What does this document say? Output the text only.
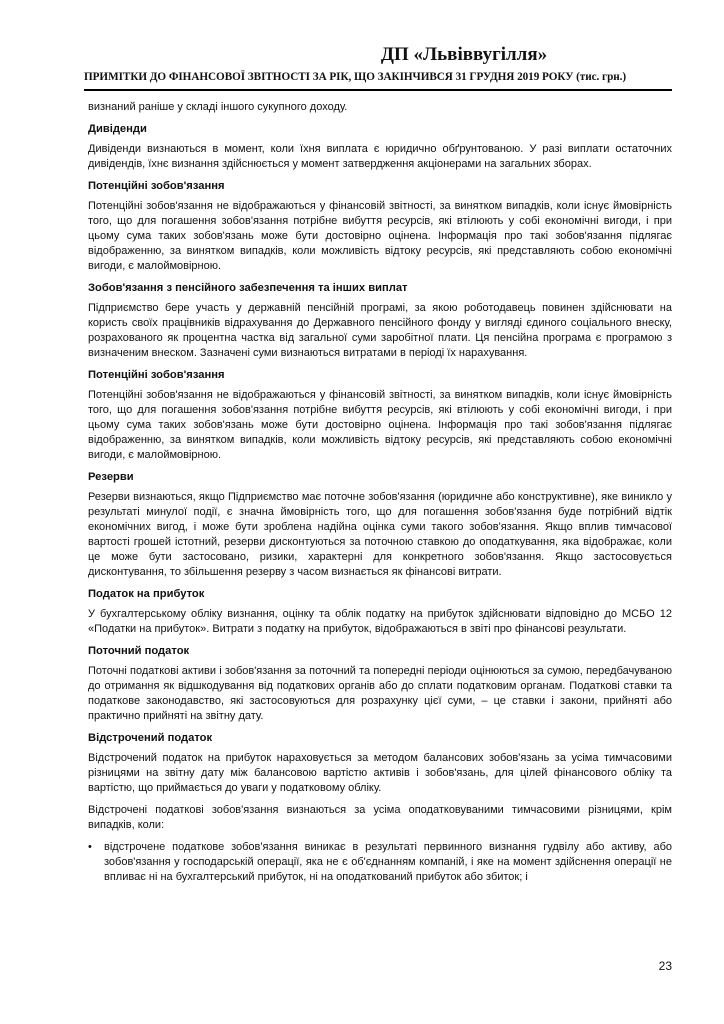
ДП «Львіввугілля»
ПРИМІТКИ ДО ФІНАНСОВОЇ ЗВІТНОСТІ ЗА РІК, ЩО ЗАКІНЧИВСЯ 31 ГРУДНЯ 2019 РОКУ (тис. грн.)

визнаний раніше у складі іншого сукупного доходу.

Дивіденди

Дивіденди визнаються в момент, коли їхня виплата є юридично обґрунтованою. У разі виплати остаточних дивідендів, їхнє визнання здійснюється у момент затвердження акціонерами на загальних зборах.

Потенційні зобов'язання

Потенційні зобов'язання не відображаються у фінансовій звітності, за винятком випадків, коли існує ймовірність того, що для погашення зобов'язання потрібне вибуття ресурсів, які втілюють у собі економічні вигоди, і при цьому сума таких зобов'язань може бути достовірно оцінена. Інформація про такі зобов'язання підлягає відображенню, за винятком випадків, коли можливість відтоку ресурсів, які представляють собою економічні вигоди, є малоймовірною.

Зобов'язання з пенсійного забезпечення та інших виплат

Підприємство бере участь у державній пенсійній програмі, за якою роботодавець повинен здійснювати на користь своїх працівників відрахування до Державного пенсійного фонду у вигляді єдиного соціального внеску, розрахованого як процентна частка від загальної суми заробітної плати. Ця пенсійна програма є програмою з визначеним внеском. Зазначені суми визнаються витратами в періоді їх нарахування.

Потенційні зобов'язання

Потенційні зобов'язання не відображаються у фінансовій звітності, за винятком випадків, коли існує ймовірність того, що для погашення зобов'язання потрібне вибуття ресурсів, які втілюють у собі економічні вигоди, і при цьому сума таких зобов'язань може бути достовірно оцінена. Інформація про такі зобов'язання підлягає відображенню, за винятком випадків, коли можливість відтоку ресурсів, які представляють собою економічні вигоди, є малоймовірною.

Резерви

Резерви визнаються, якщо Підприємство має поточне зобов'язання (юридичне або конструктивне), яке виникло у результаті минулої події, є значна ймовірність того, що для погашення зобов'язання буде потрібний відтік економічних вигод, і може бути зроблена надійна оцінка суми такого зобов'язання. Якщо вплив тимчасової вартості грошей істотний, резерви дисконтуються за поточною ставкою до оподаткування, яка відображає, коли це може бути застосовано, ризики, характерні для конкретного зобов'язання. Якщо застосовується дисконтування, то збільшення резерву з часом визнається як фінансові витрати.

Податок на прибуток

У бухгалтерському обліку визнання, оцінку та облік податку на прибуток здійснювати відповідно до МСБО 12 «Податки на прибуток». Витрати з податку на прибуток, відображаються в звіті про фінансові результати.

Поточний податок

Поточні податкові активи і зобов'язання за поточний та попередні періоди оцінюються за сумою, передбачуваною до отримання як відшкодування від податкових органів або до сплати податковим органам. Податкові ставки та податкове законодавство, які застосовуються для розрахунку цієї суми, – це ставки і закони, прийняті або практично прийняті на звітну дату.

Відстрочений податок

Відстрочений податок на прибуток нараховується за методом балансових зобов'язань за усіма тимчасовими різницями на звітну дату між балансовою вартістю активів і зобов'язань, для цілей фінансового обліку та вартістю, що приймається до уваги у податковому обліку.

Відстрочені податкові зобов'язання визнаються за усіма оподатковуваними тимчасовими різницями, крім випадків, коли:

• відстрочене податкове зобов'язання виникає в результаті первинного визнання гудвілу або активу, або зобов'язання у господарській операції, яка не є об'єднанням компаній, і яке на момент здійснення операції не впливає ні на бухгалтерський прибуток, ні на оподаткований прибуток або збиток; і
23
